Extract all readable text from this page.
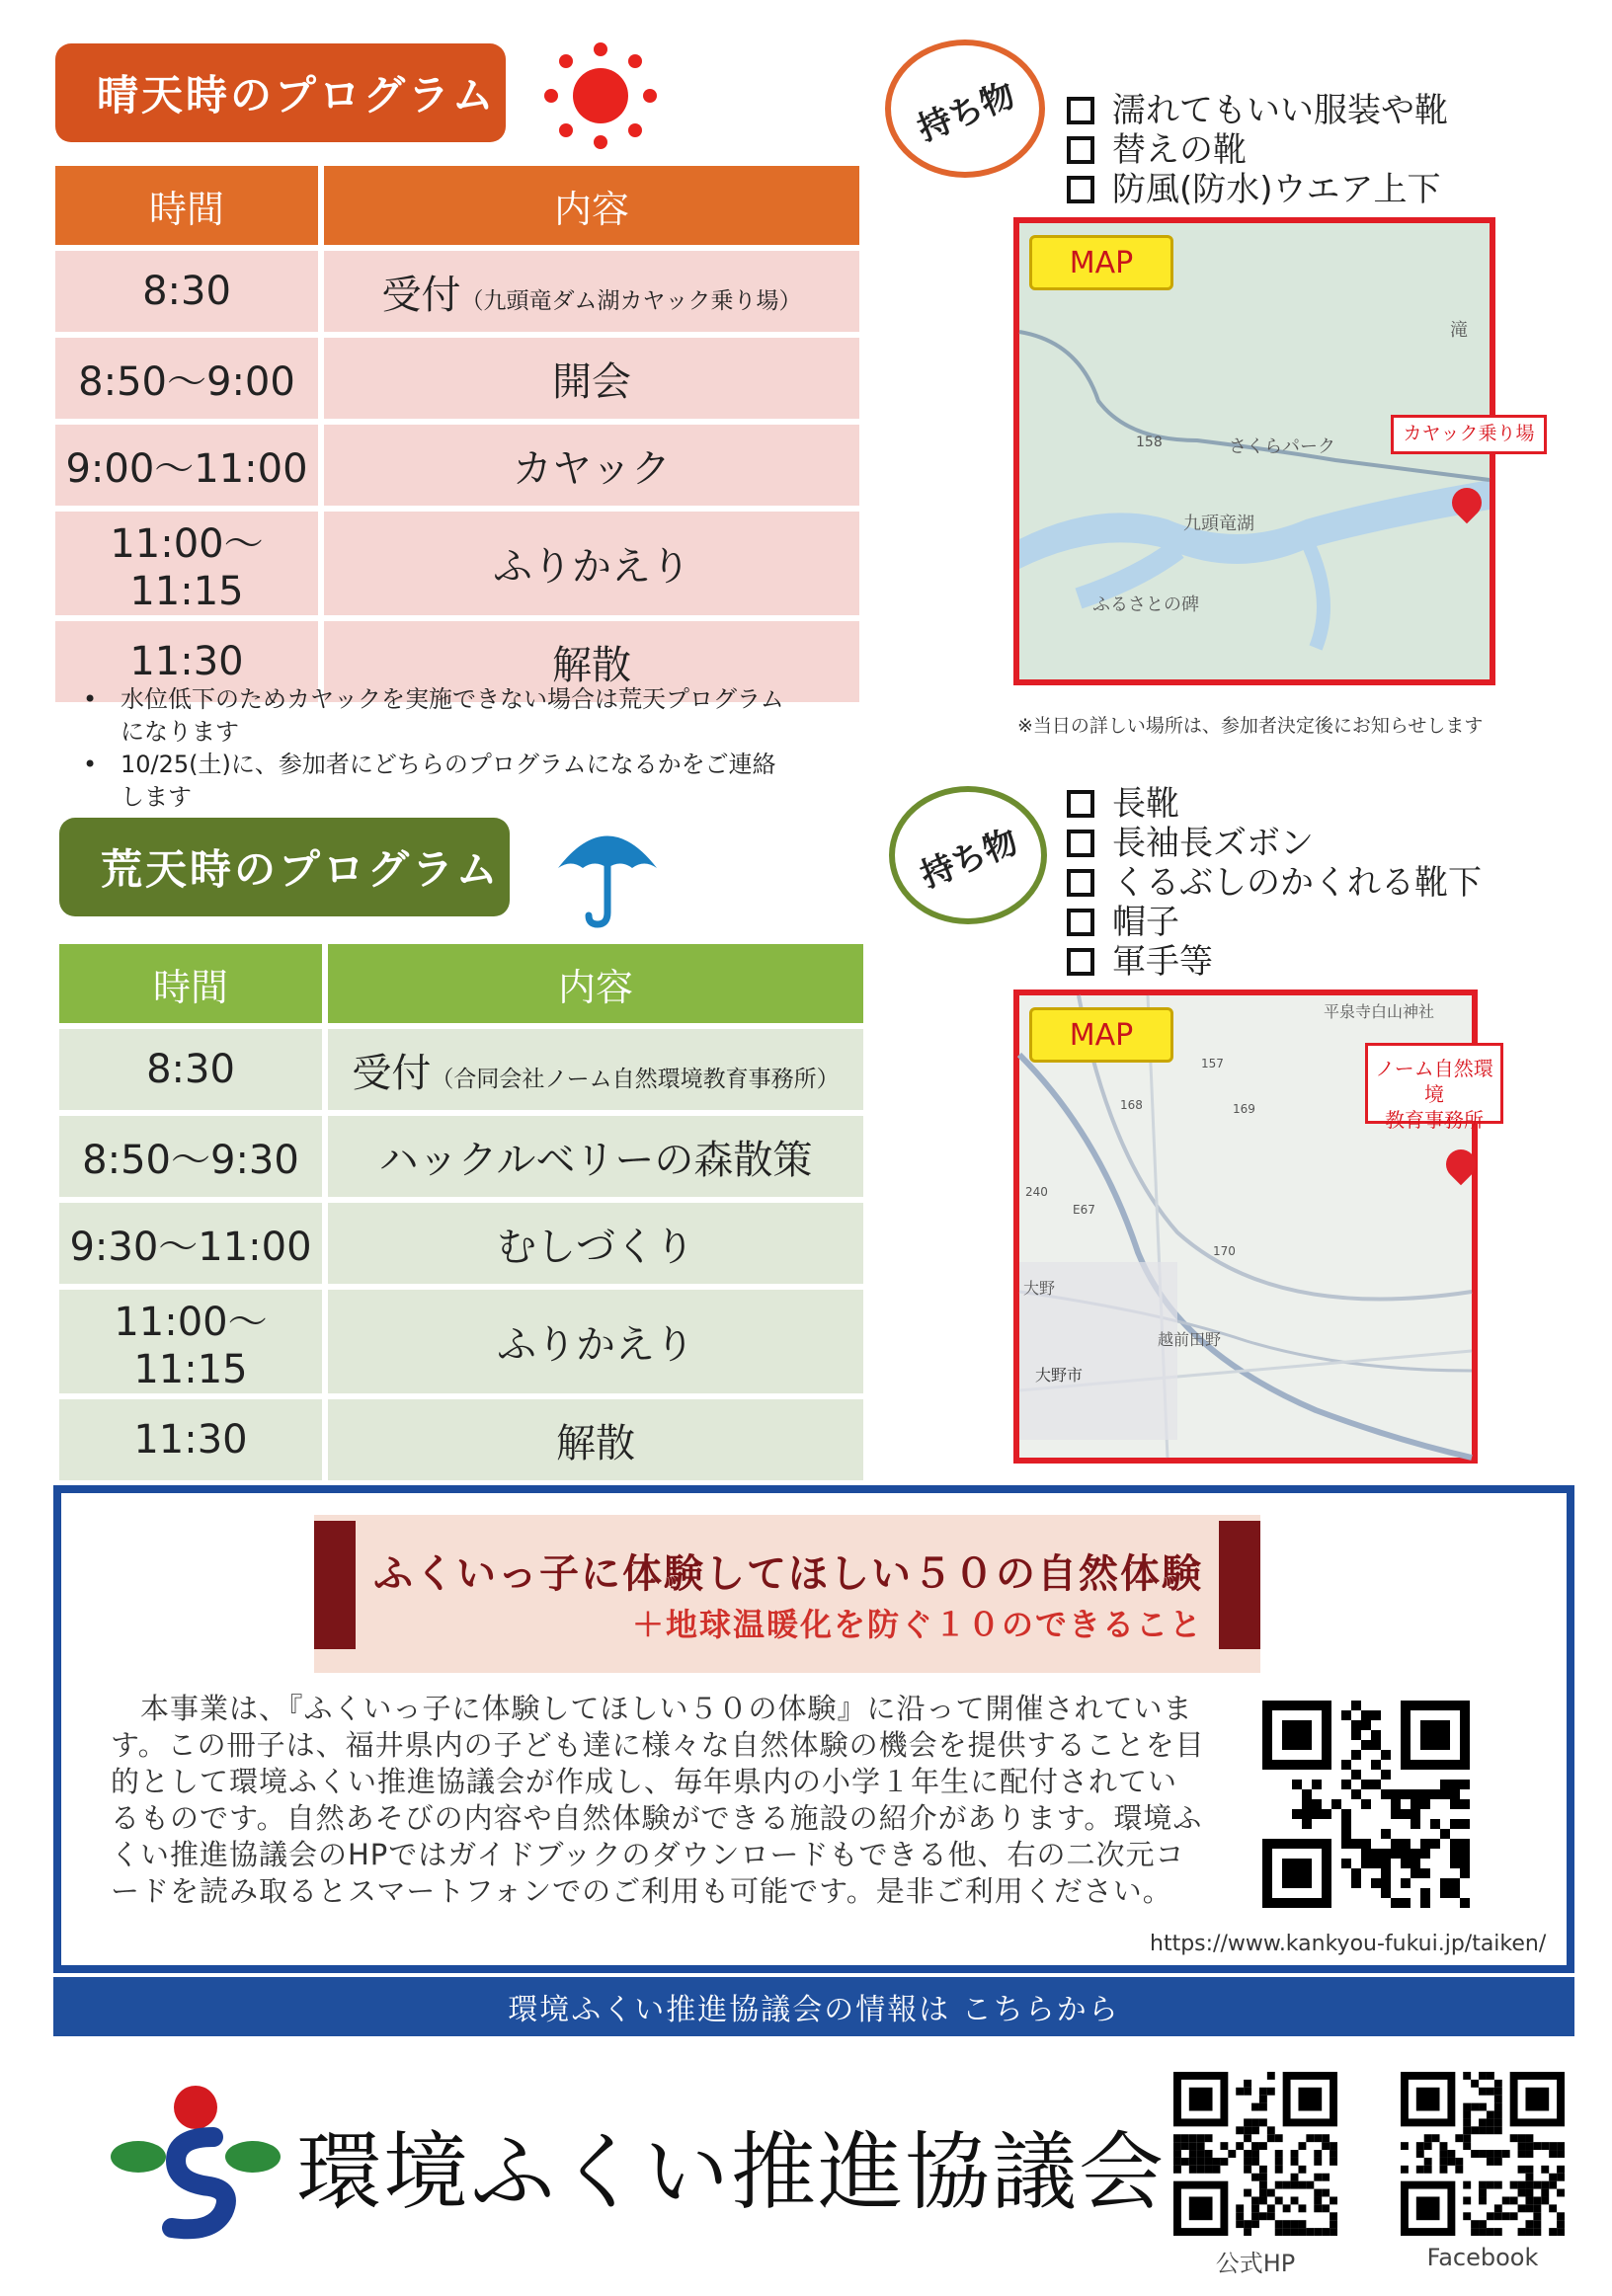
晴天時のプログラム
時間	内容
8:30	受付（九頭竜ダム湖カヤック乗り場）
8:50～9:00	開会
9:00～11:00	カヤック
11:00～11:15	ふりかえり
11:30	解散
• 水位低下のためカヤックを実施できない場合は荒天プログラムになります
• 10/25(土)に、参加者にどちらのプログラムになるかをご連絡します
荒天時のプログラム
時間	内容
8:30	受付（合同会社ノーム自然環境教育事務所）
8:50～9:30	ハックルベリーの森散策
9:30～11:00	むしづくり
11:00～11:15	ふりかえり
11:30	解散
持ち物	濡れてもいい服装や靴
替えの靴
防風(防水)ウエア上下
MAP
滝
さくらパーク
九頭竜湖
ふるさとの碑
158	カヤック乗り場
※当日の詳しい場所は、参加者決定後にお知らせします
持ち物
長靴
長袖長ズボン
くるぶしのかくれる靴下
帽子
軍手等
MAP
平泉寺白山神社
大野
越前田野
大野市
168	169
157
170
240
E67
ノーム自然環境
教育事務所
ふくいっ子に体験してほしい５０の自然体験
＋地球温暖化を防ぐ１０のできること
本事業は、『ふくいっ子に体験してほしい５０の体験』に沿って開催されています。この冊子は、福井県内の子ども達に様々な自然体験の機会を提供することを目的として環境ふくい推進協議会が作成し、毎年県内の小学１年生に配付されているものです。自然あそびの内容や自然体験ができる施設の紹介があります。環境ふくい推進協議会のHPではガイドブックのダウンロードもできる他、右の二次元コードを読み取るとスマートフォンでのご利用も可能です。是非ご利用ください。
https://www.kankyou-fukui.jp/taiken/
環境ふくい推進協議会の情報は こちらから
環境ふくい推進協議会
公式HP	Facebook
